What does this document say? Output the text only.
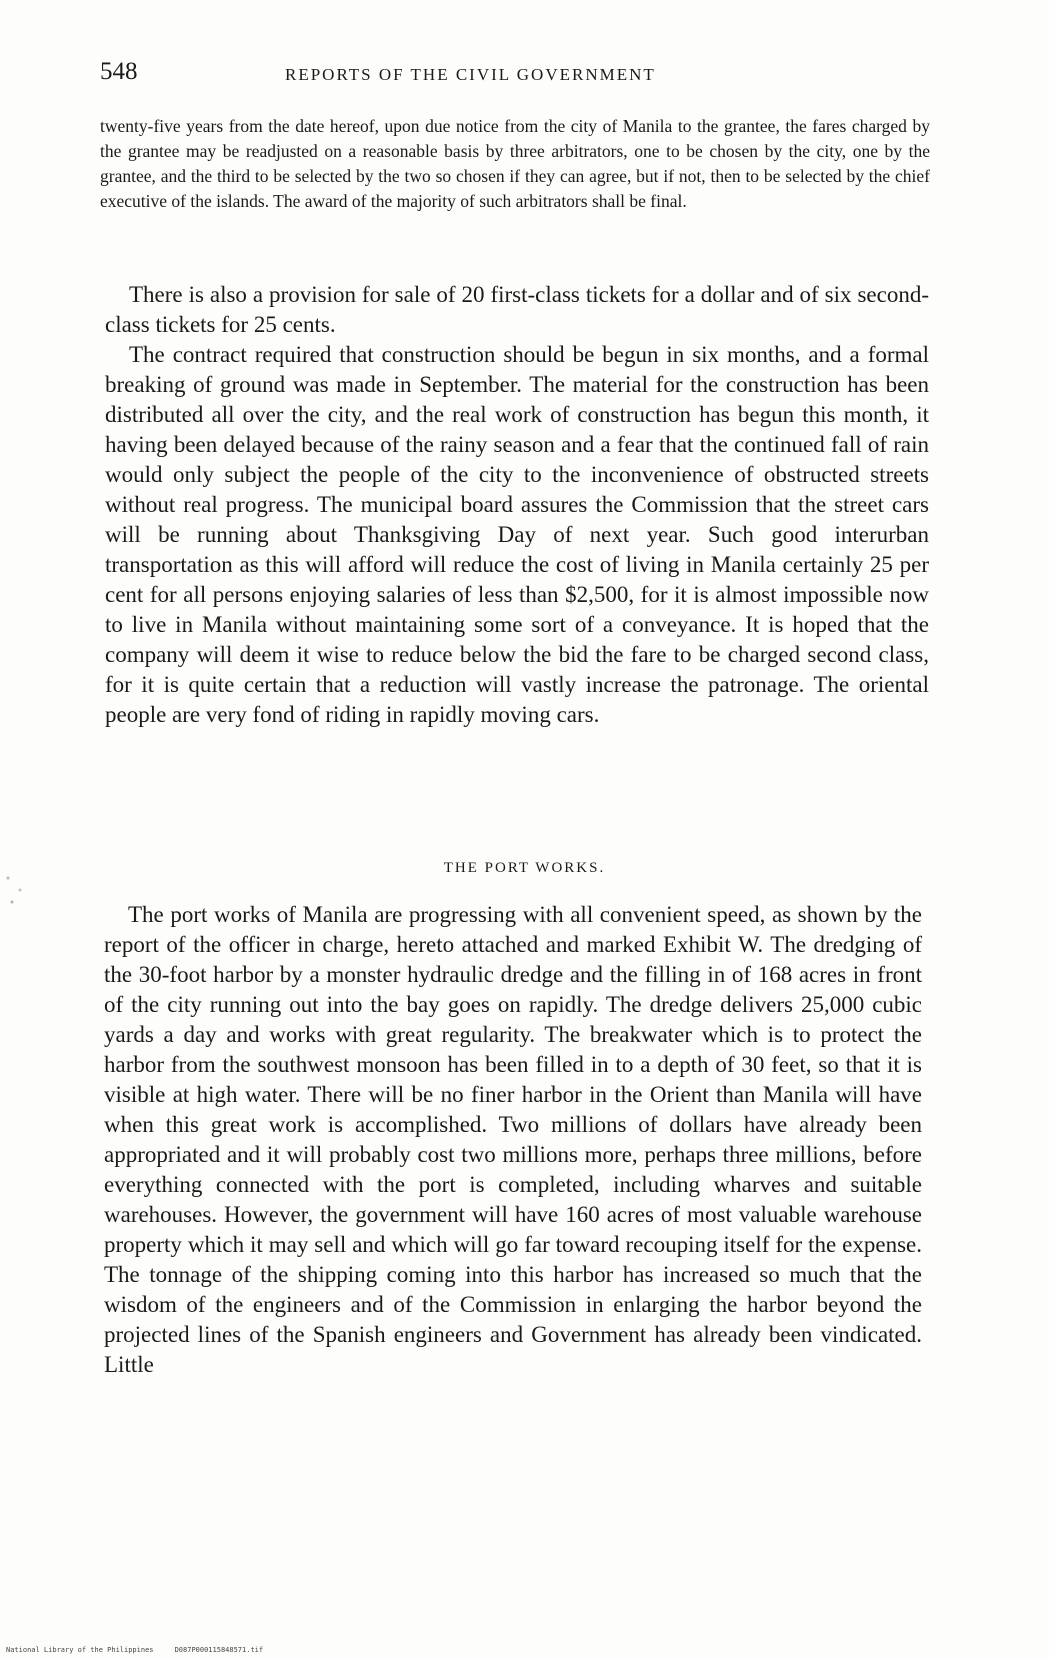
548	REPORTS OF THE CIVIL GOVERNMENT
twenty-five years from the date hereof, upon due notice from the city of Manila to the grantee, the fares charged by the grantee may be readjusted on a reasonable basis by three arbitrators, one to be chosen by the city, one by the grantee, and the third to be selected by the two so chosen if they can agree, but if not, then to be selected by the chief executive of the islands. The award of the majority of such arbitrators shall be final.

There is also a provision for sale of 20 first-class tickets for a dollar and of six second-class tickets for 25 cents.

The contract required that construction should be begun in six months, and a formal breaking of ground was made in September. The material for the construction has been distributed all over the city, and the real work of construction has begun this month, it having been delayed because of the rainy season and a fear that the continued fall of rain would only subject the people of the city to the inconvenience of obstructed streets without real progress. The municipal board assures the Commission that the street cars will be running about Thanksgiving Day of next year. Such good interurban transportation as this will afford will reduce the cost of living in Manila certainly 25 per cent for all persons enjoying salaries of less than $2,500, for it is almost impossible now to live in Manila without maintaining some sort of a conveyance. It is hoped that the company will deem it wise to reduce below the bid the fare to be charged second class, for it is quite certain that a reduction will vastly increase the patronage. The oriental people are very fond of riding in rapidly moving cars.

THE PORT WORKS.

The port works of Manila are progressing with all convenient speed, as shown by the report of the officer in charge, hereto attached and marked Exhibit W. The dredging of the 30-foot harbor by a monster hydraulic dredge and the filling in of 168 acres in front of the city running out into the bay goes on rapidly. The dredge delivers 25,000 cubic yards a day and works with great regularity. The breakwater which is to protect the harbor from the southwest monsoon has been filled in to a depth of 30 feet, so that it is visible at high water. There will be no finer harbor in the Orient than Manila will have when this great work is accomplished. Two millions of dollars have already been appropriated and it will probably cost two millions more, perhaps three millions, before everything connected with the port is completed, including wharves and suitable warehouses. However, the government will have 160 acres of most valuable warehouse property which it may sell and which will go far toward recouping itself for the expense. The tonnage of the shipping coming into this harbor has increased so much that the wisdom of the engineers and of the Commission in enlarging the harbor beyond the projected lines of the Spanish engineers and Government has already been vindicated. Little

National Library of the Philippines	D087P000115848571.tif
